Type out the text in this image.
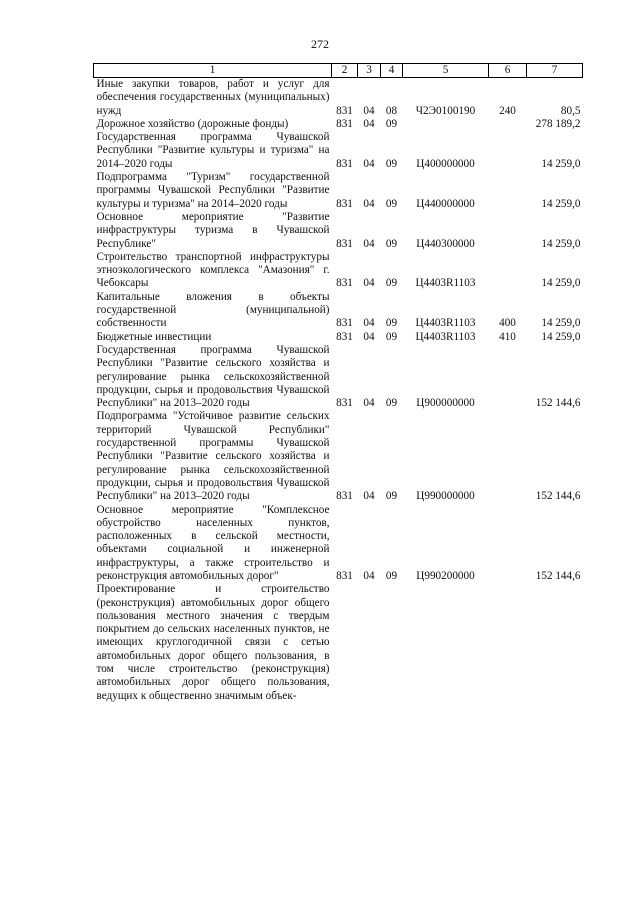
272
1	2	3	4	5	6	7
Иные закупки товаров, работ и услуг для обеспечения государственных (муниципальных) нужд	831	04	08	Ч2Э0100190	240	80,5
Дорожное хозяйство (дорожные фонды)	831	04	09			278 189,2
Государственная программа Чувашской Республики "Развитие культуры и туризма" на 2014–2020 годы	831	04	09	Ц400000000		14 259,0
Подпрограмма "Туризм" государственной программы Чувашской Республики "Развитие культуры и туризма" на 2014–2020 годы	831	04	09	Ц440000000		14 259,0
Основное мероприятие "Развитие инфраструктуры туризма в Чувашской Республике"	831	04	09	Ц440300000		14 259,0
Строительство транспортной инфраструктуры этноэкологического комплекса "Амазония" г. Чебоксары	831	04	09	Ц4403R1103		14 259,0
Капитальные вложения в объекты государственной (муниципальной) собственности	831	04	09	Ц4403R1103	400	14 259,0
Бюджетные инвестиции	831	04	09	Ц4403R1103	410	14 259,0
Государственная программа Чувашской Республики "Развитие сельского хозяйства и регулирование рынка сельскохозяйственной продукции, сырья и продовольствия Чувашской Республики" на 2013–2020 годы	831	04	09	Ц900000000		152 144,6
Подпрограмма "Устойчивое развитие сельских территорий Чувашской Республики" государственной программы Чувашской Республики "Развитие сельского хозяйства и регулирование рынка сельскохозяйственной продукции, сырья и продовольствия Чувашской Республики" на 2013–2020 годы	831	04	09	Ц990000000		152 144,6
Основное мероприятие "Комплексное обустройство населенных пунктов, расположенных в сельской местности, объектами социальной и инженерной инфраструктуры, а также строительство и реконструкция автомобильных дорог"	831	04	09	Ц990200000		152 144,6
Проектирование и строительство (реконструкция) автомобильных дорог общего пользования местного значения с твердым покрытием до сельских населенных пунктов, не имеющих круглогодичной связи с сетью автомобильных дорог общего пользования, в том числе строительство (реконструкция) автомобильных дорог общего пользования, ведущих к общественно значимым объек-						
